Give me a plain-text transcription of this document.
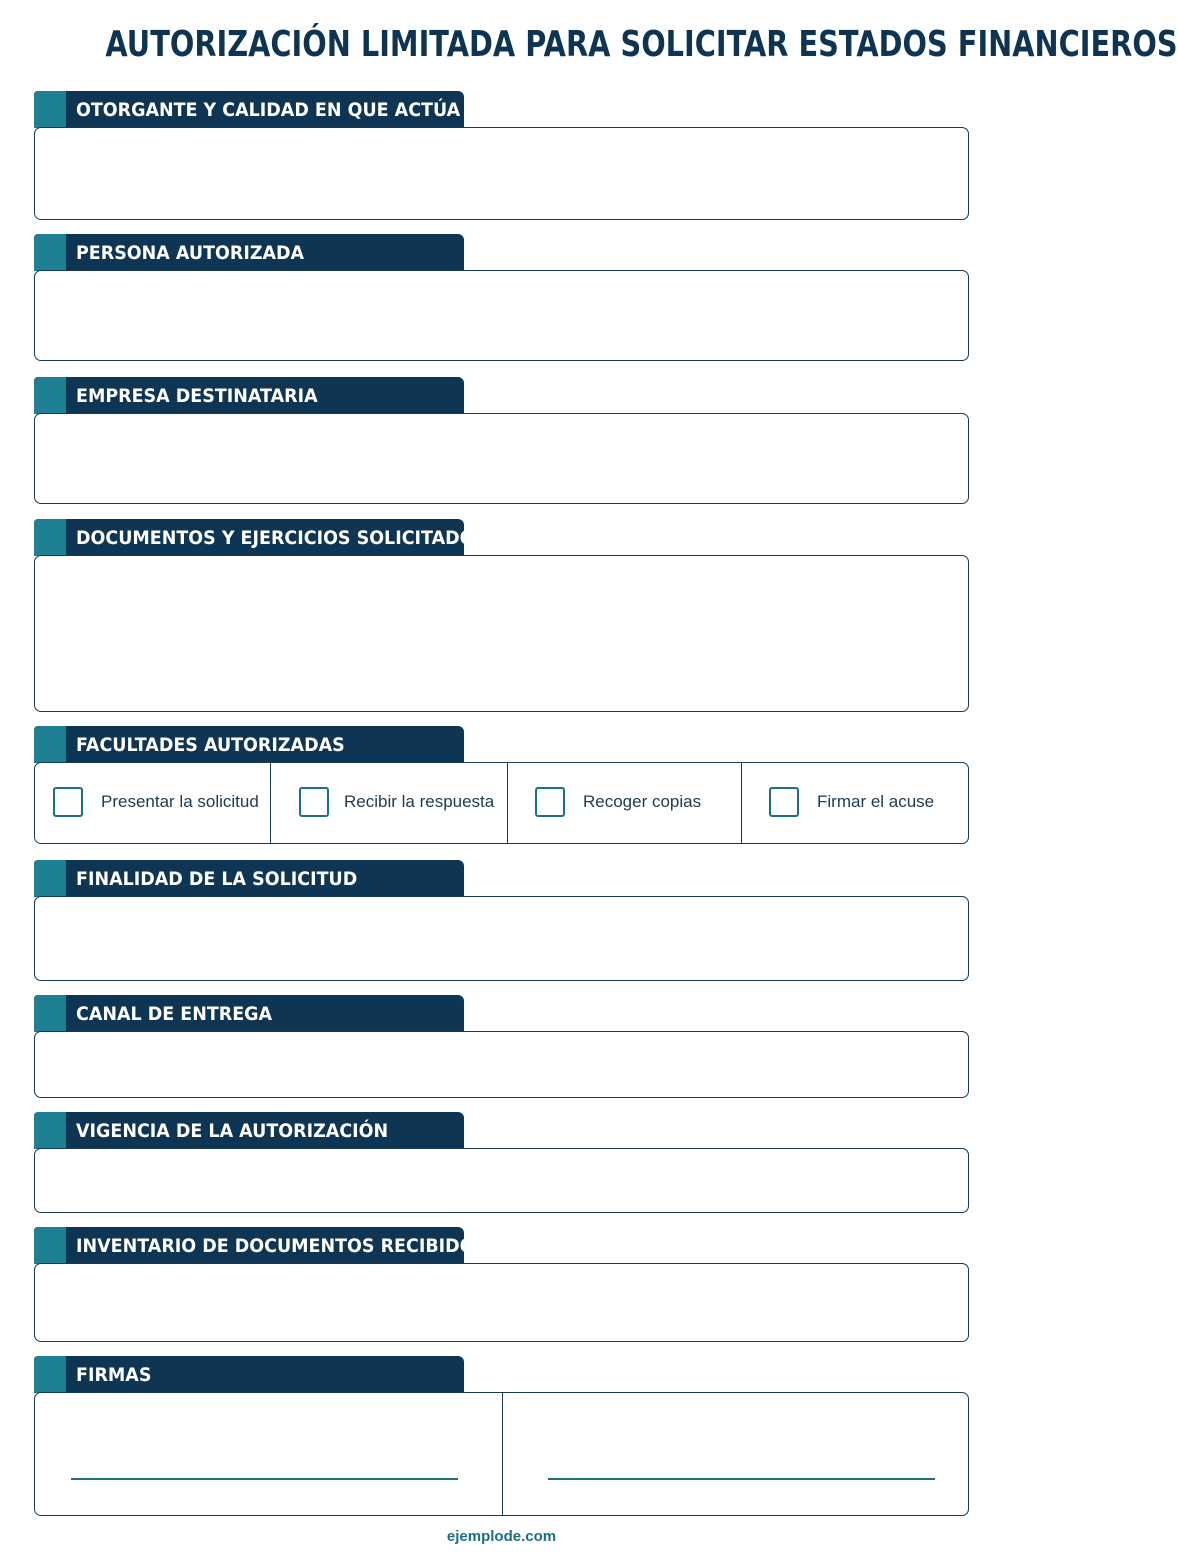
AUTORIZACIÓN LIMITADA PARA SOLICITAR ESTADOS FINANCIEROS
OTORGANTE Y CALIDAD EN QUE ACTÚA
PERSONA AUTORIZADA
EMPRESA DESTINATARIA
DOCUMENTOS Y EJERCICIOS SOLICITADOS
FACULTADES AUTORIZADAS
Presentar la solicitud	Recibir la respuesta	Recoger copias	Firmar el acuse
FINALIDAD DE LA SOLICITUD
CANAL DE ENTREGA
VIGENCIA DE LA AUTORIZACIÓN
INVENTARIO DE DOCUMENTOS RECIBIDOS
FIRMAS
ejemplode.com
